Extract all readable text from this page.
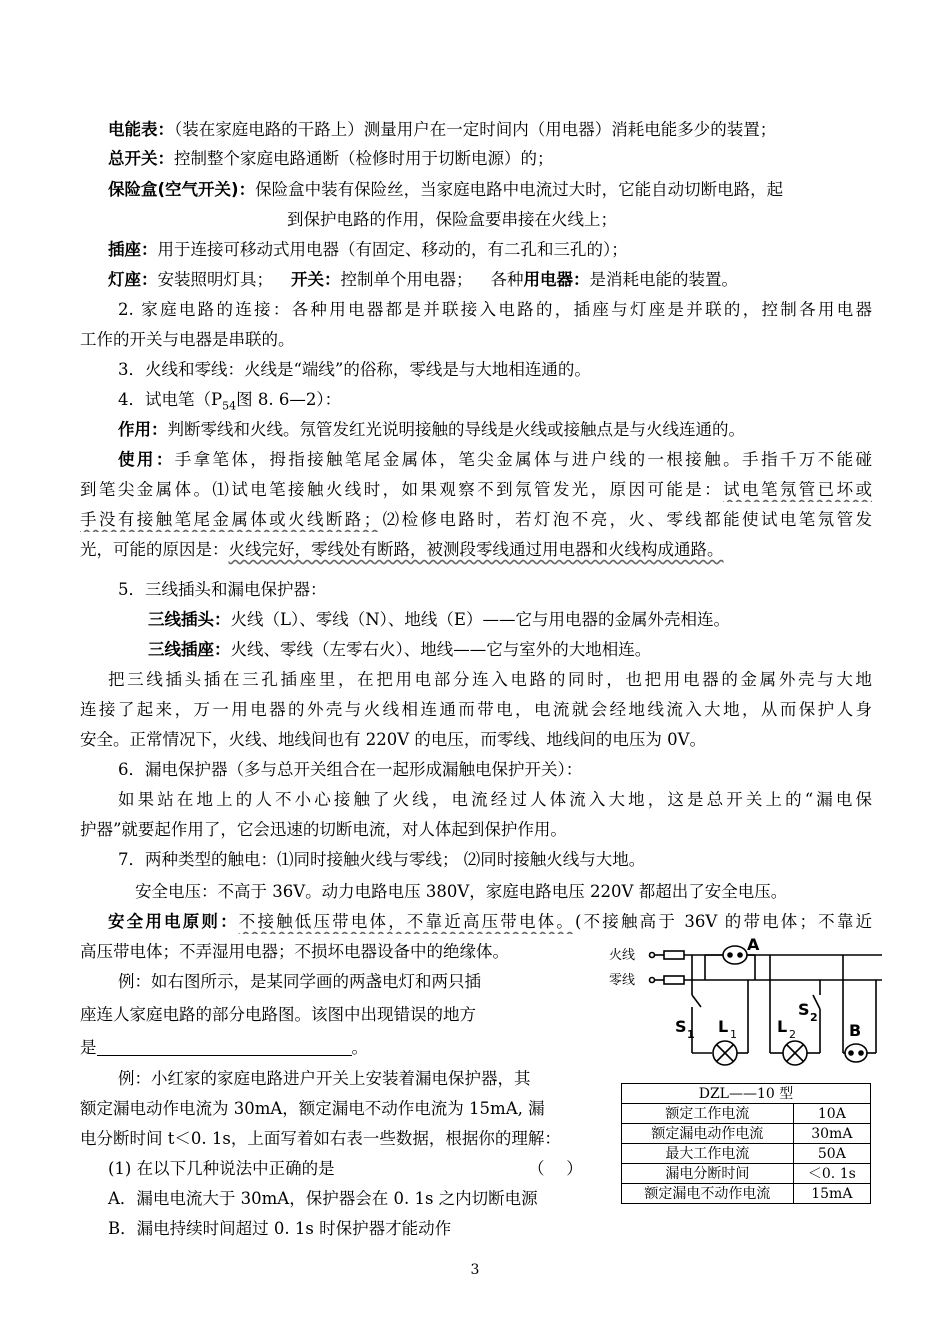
电能表：（装在家庭电路的干路上）测量用户在一定时间内（用电器）消耗电能多少的装置；
总开关：控制整个家庭电路通断（检修时用于切断电源）的；
保险盒(空气开关)：保险盒中装有保险丝，当家庭电路中电流过大时，它能自动切断电路，起
到保护电路的作用，保险盒要串接在火线上；
插座：用于连接可移动式用电器（有固定、移动的，有二孔和三孔的）；
灯座：安装照明灯具； 开关：控制单个用电器； 各种用电器：是消耗电能的装置。
2. 家庭电路的连接：各种用电器都是并联接入电路的，插座与灯座是并联的，控制各用电器
工作的开关与电器是串联的。
3．火线和零线：火线是“端线”的俗称，零线是与大地相连通的。
4．试电笔（$P_{54}$图 8. 6—2）：
作用：判断零线和火线。氖管发红光说明接触的导线是火线或接触点是与火线连通的。
使用：手拿笔体，拇指接触笔尾金属体，笔尖金属体与进户线的一根接触。手指千万不能碰
到笔尖金属体。⑴试电笔接触火线时，如果观察不到氖管发光，原因可能是：试电笔氖管已坏或
手没有接触笔尾金属体或火线断路；⑵检修电路时，若灯泡不亮，火、零线都能使试电笔氖管发
光，可能的原因是：火线完好，零线处有断路，被测段零线通过用电器和火线构成通路。
5．三线插头和漏电保护器：
三线插头：火线（L）、零线（N）、地线（E）——它与用电器的金属外壳相连。
三线插座：火线、零线（左零右火）、地线——它与室外的大地相连。
把三线插头插在三孔插座里，在把用电部分连入电路的同时，也把用电器的金属外壳与大地
连接了起来，万一用电器的外壳与火线相连通而带电，电流就会经地线流入大地，从而保护人身
安全。正常情况下，火线、地线间也有 220V 的电压，而零线、地线间的电压为 0V。
6．漏电保护器（多与总开关组合在一起形成漏触电保护开关）：
如果站在地上的人不小心接触了火线，电流经过人体流入大地，这是总开关上的“漏电保
护器”就要起作用了，它会迅速的切断电流，对人体起到保护作用。
7．两种类型的触电：⑴同时接触火线与零线； ⑵同时接触火线与大地。
安全电压：不高于 36V。动力电路电压 380V，家庭电路电压 220V 都超出了安全电压。
安全用电原则：不接触低压带电体，不靠近高压带电体。(不接触高于 36V 的带电体；不靠近
高压带电体；不弄湿用电器；不损坏电器设备中的绝缘体。
例：如右图所示，是某同学画的两盏电灯和两只插
座连人家庭电路的部分电路图。该图中出现错误的地方
是	。
例：小红家的家庭电路进户开关上安装着漏电保护器，其
额定漏电动作电流为 30mA，额定漏电不动作电流为 15mA, 漏
电分断时间 t＜0. 1s，上面写着如右表一些数据，根据你的理解：
(1) 在以下几种说法中正确的是	（　 ）
A．漏电电流大于 30mA，保护器会在 0. 1s 之内切断电源
B．漏电持续时间超过 0. 1s 时保护器才能动作
火线
零线
A
S 1 L 1	L 2
S 2
B
DZL——10 型	
额定工作电流	10A
额定漏电动作电流	30mA
最大工作电流	50A
漏电分断时间	＜0. 1s
额定漏电不动作电流	15mA
3
